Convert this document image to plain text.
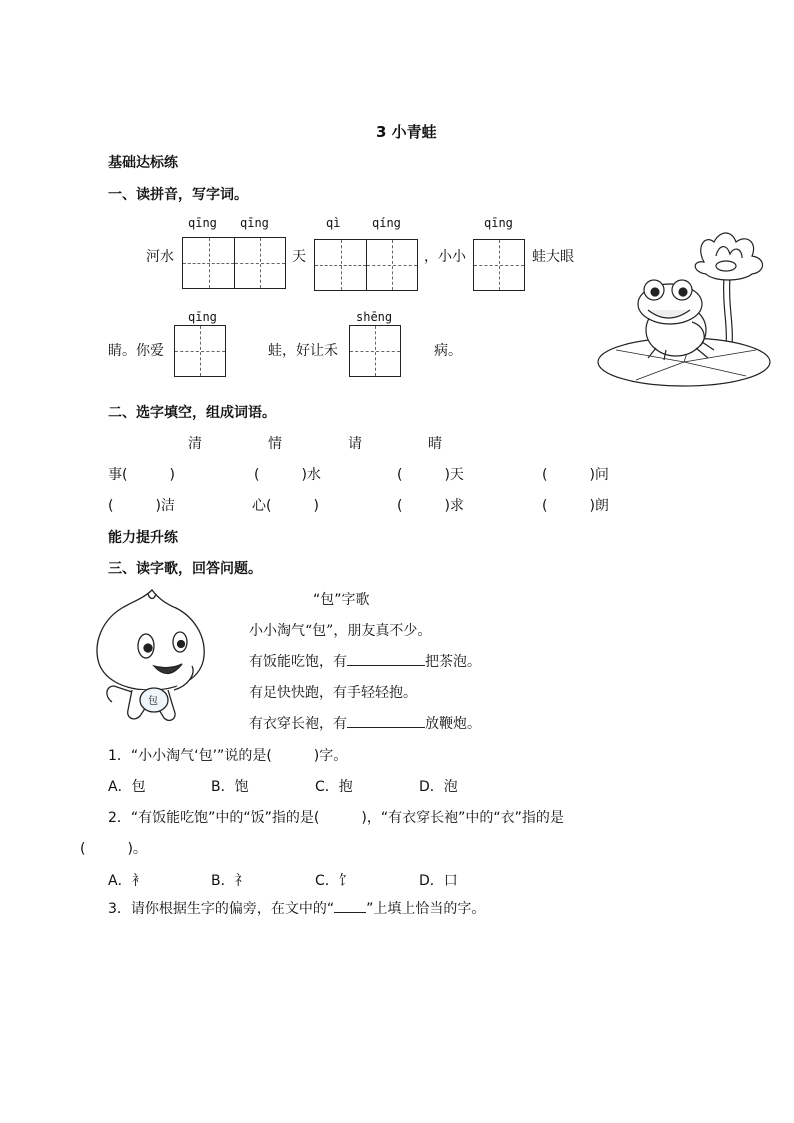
3 小青蛙
基础达标练
一、读拼音，写字词。
qīng qīng	qì	qíng	qīng
河水	天	，小小	蛙大眼
qīng	shēng
睛。你爱	蛙，好让禾	病。
二、选字填空，组成词语。
清	情	请	晴
事(　　　)	(　　　)水	(　　　)天	(　　　)问
(　　　)洁	心(　　　)	(　　　)求	(　　　)朗
能力提升练
三、读字歌，回答问题。
包
“包”字歌
小小淘气“包”，朋友真不少。
有饭能吃饱，有	把茶泡。
有足快快跑，有手轻轻抱。
有衣穿长袍，有	放鞭炮。
1．“小小淘气‘包’”说的是(　　　)字。
A．包	B．饱	C．抱	D．泡
2．“有饭能吃饱”中的“饭”指的是(　　　)，“有衣穿长袍”中的“衣”指的是
(　　　)。
A．衤	B．礻	C．饣	D．口
3．请你根据生字的偏旁，在文中的“ ”上填上恰当的字。
